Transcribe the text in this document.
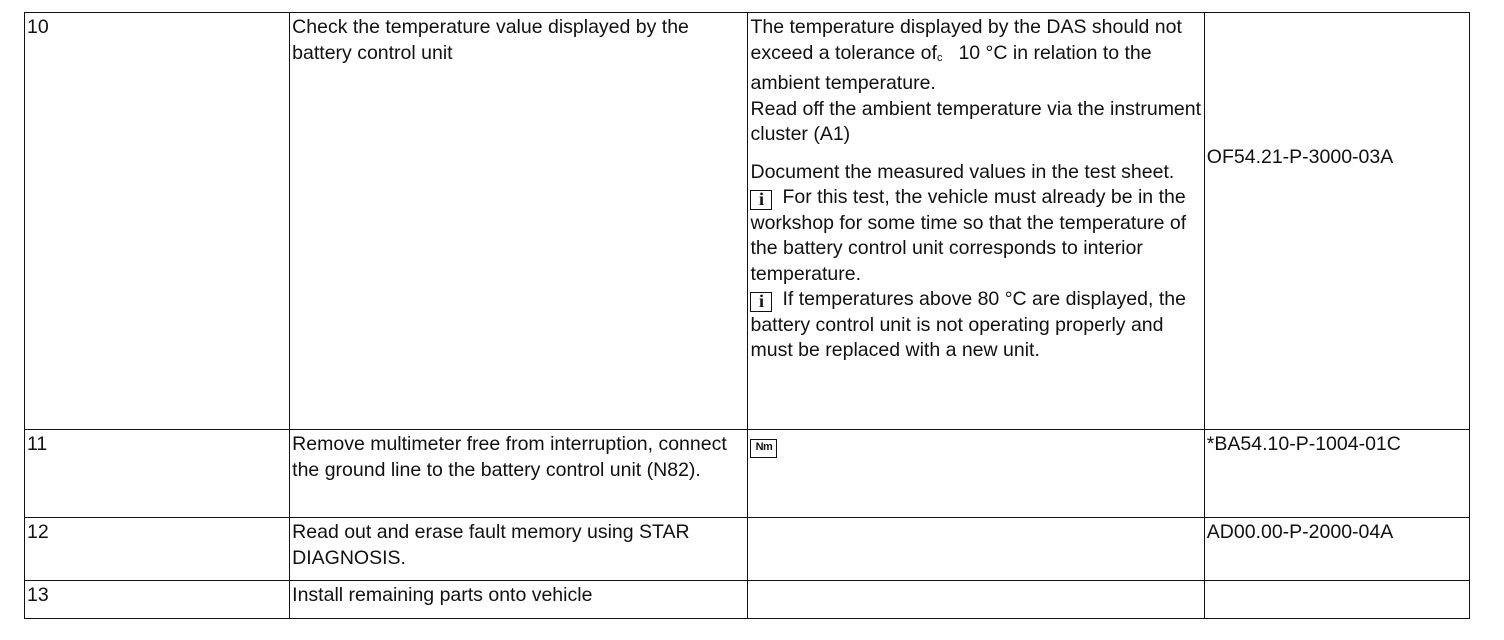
10	Check the temperature value displayed by the battery control unit	The temperature displayed by the DAS should not exceed a tolerance ofc 10 °C in relation to the ambient temperature.

Read off the ambient temperature via the instrument cluster (A1)

Document the measured values in the test sheet.

i For this test, the vehicle must already be in the workshop for some time so that the temperature of the battery control unit corresponds to interior temperature.

i If temperatures above 80 °C are displayed, the battery control unit is not operating properly and must be replaced with a new unit.	OF54.21-P-3000-03A

11	Remove multimeter free from interruption, connect the ground line to the battery control unit (N82).	Nm	*BA54.10-P-1004-01C
12	Read out and erase fault memory using STAR DIAGNOSIS.		AD00.00-P-2000-04A
13	Install remaining parts onto vehicle		
